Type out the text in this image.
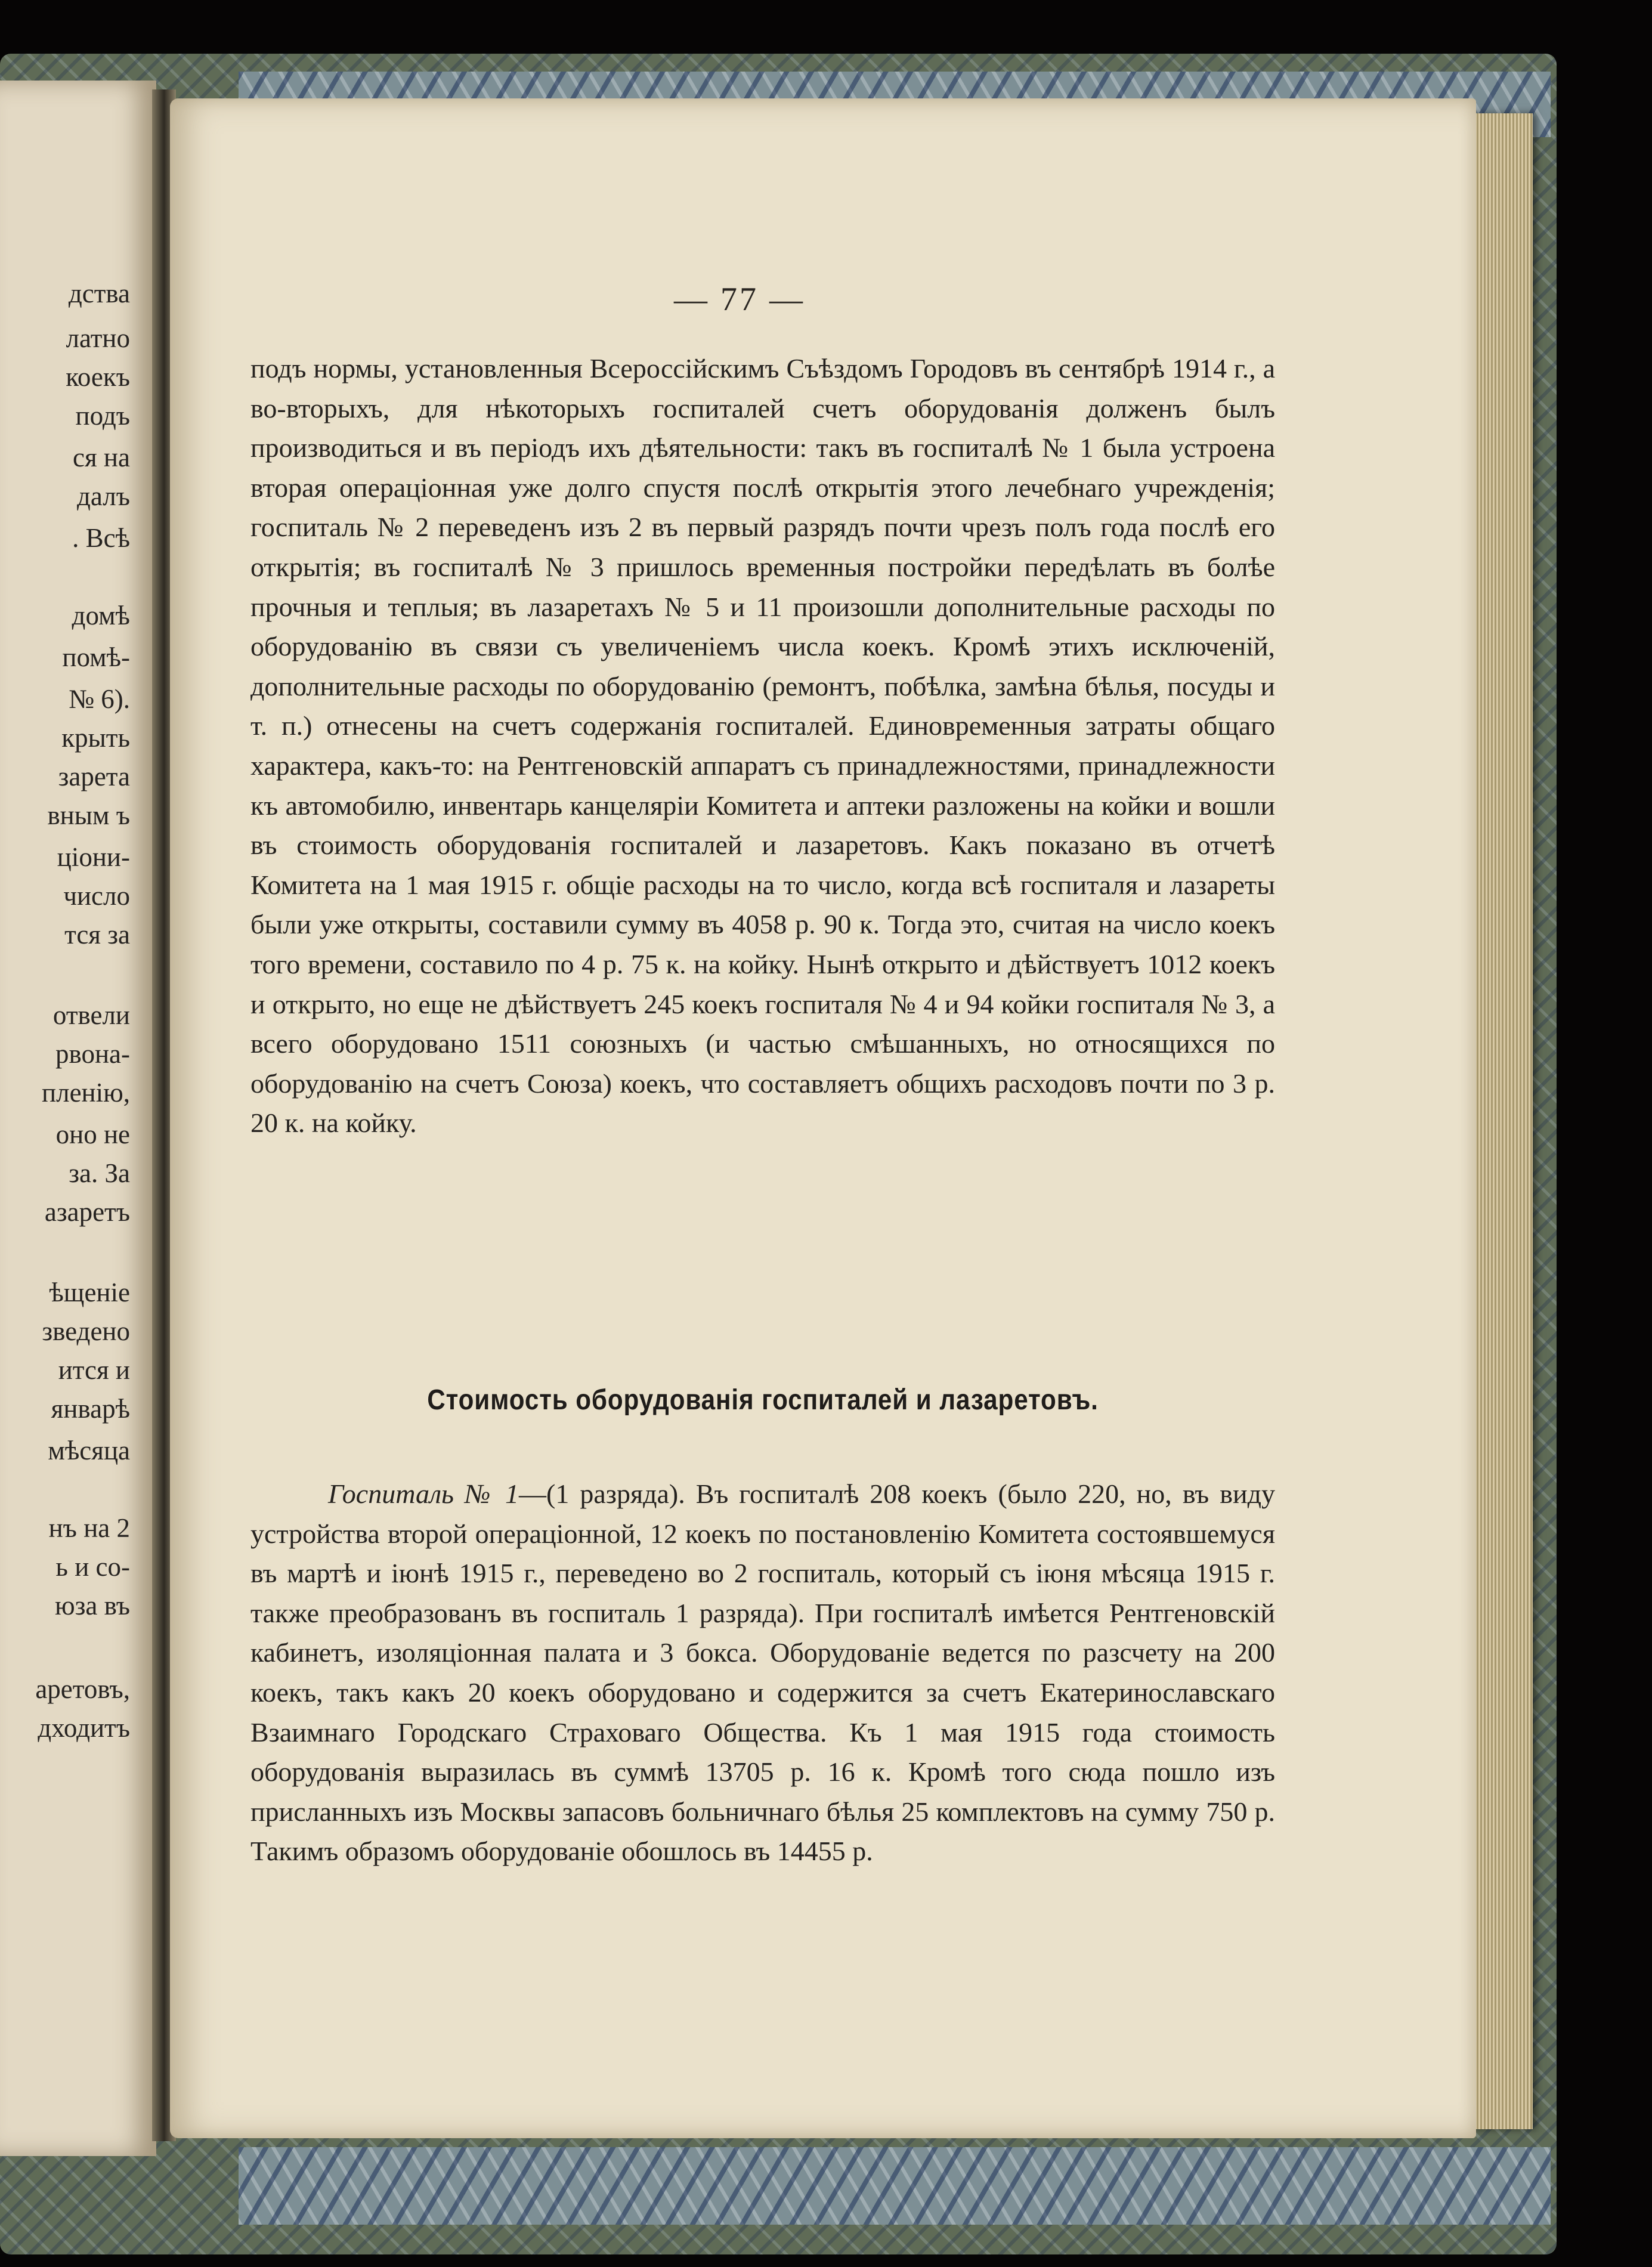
дства
латно
коекъ
подъ
ся на
далъ
. Всѣ
домѣ
помѣ-
№ 6).
крыть
зарета
вным ъ
ціони-
число
тся за
отвели
рвона-
пленію,
оно не
за. За
азаретъ
ѣщеніе
зведено
ится и
январѣ
мѣсяца
нъ на 2
ь и со-
юза въ
аретовъ,
дходитъ
— 77 —

подъ нормы, установленныя Всероссійскимъ Съѣздомъ Городовъ въ сентябрѣ 1914 г., а во-вторыхъ, для нѣкоторыхъ госпиталей счетъ оборудованія долженъ былъ производиться и въ періодъ ихъ дѣятельности: такъ въ госпиталѣ № 1 была устроена вторая операціонная уже долго спустя послѣ открытія этого лечебнаго учрежденія; госпиталь № 2 переведенъ изъ 2 въ первый разрядъ почти чрезъ полъ года послѣ его открытія; въ госпиталѣ № 3 пришлось временныя постройки передѣлать въ болѣе прочныя и теплыя; въ лазаретахъ № 5 и 11 произошли дополнительные расходы по оборудованію въ связи съ увеличеніемъ числа коекъ. Кромѣ этихъ исключеній, дополнительные расходы по оборудованію (ремонтъ, побѣлка, замѣна бѣлья, посуды и т. п.) отнесены на счетъ содержанія госпиталей. Единовременныя затраты общаго характера, какъ-то: на Рентгеновскій аппаратъ съ принадлежностями, принадлежности къ автомобилю, инвентарь канцеляріи Комитета и аптеки разложены на койки и вошли въ стоимость оборудованія госпиталей и лазаретовъ. Какъ показано въ отчетѣ Комитета на 1 мая 1915 г. общіе расходы на то число, когда всѣ госпиталя и лазареты были уже открыты, составили сумму въ 4058 р. 90 к. Тогда это, считая на число коекъ того времени, составило по 4 р. 75 к. на койку. Нынѣ открыто и дѣйствуетъ 1012 коекъ и открыто, но еще не дѣйствуетъ 245 коекъ госпиталя № 4 и 94 койки госпиталя № 3, а всего оборудовано 1511 союзныхъ (и частью смѣшанныхъ, но относящихся по оборудованію на счетъ Союза) коекъ, что составляетъ общихъ расходовъ почти по 3 р. 20 к. на койку.

Стоимость оборудованія госпиталей и лазаретовъ.

Госпиталь № 1—(1 разряда). Въ госпиталѣ 208 коекъ (было 220, но, въ виду устройства второй операціонной, 12 коекъ по постановленію Комитета состоявшемуся въ мартѣ и іюнѣ 1915 г., переведено во 2 госпиталь, который съ іюня мѣсяца 1915 г. также преобразованъ въ госпиталь 1 разряда). При госпиталѣ имѣется Рентгеновскій кабинетъ, изоляціонная палата и 3 бокса. Оборудованіе ведется по разсчету на 200 коекъ, такъ какъ 20 коекъ оборудовано и содержится за счетъ Екатеринославскаго Взаимнаго Городскаго Страховаго Общества. Къ 1 мая 1915 года стоимость оборудованія выразилась въ суммѣ 13705 р. 16 к. Кромѣ того сюда пошло изъ присланныхъ изъ Москвы запасовъ больничнаго бѣлья 25 комплектовъ на сумму 750 р. Такимъ образомъ оборудованіе обошлось въ 14455 р.
